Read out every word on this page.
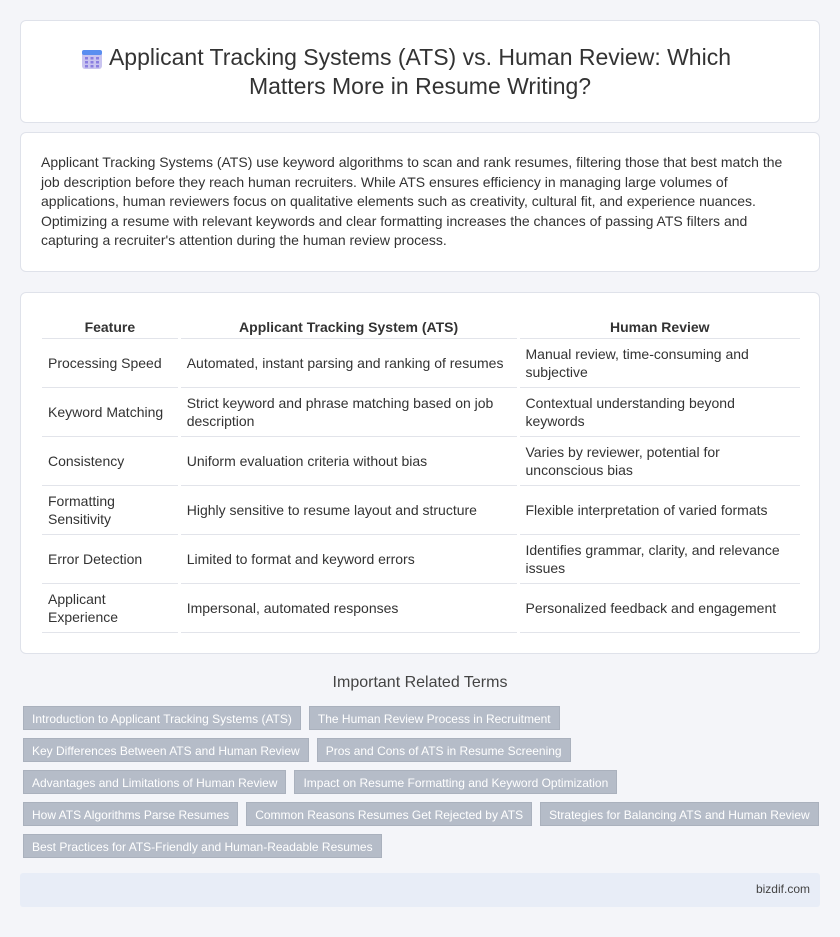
Applicant Tracking Systems (ATS) vs. Human Review: Which Matters More in Resume Writing?

Applicant Tracking Systems (ATS) use keyword algorithms to scan and rank resumes, filtering those that best match the job description before they reach human recruiters. While ATS ensures efficiency in managing large volumes of applications, human reviewers focus on qualitative elements such as creativity, cultural fit, and experience nuances. Optimizing a resume with relevant keywords and clear formatting increases the chances of passing ATS filters and capturing a recruiter's attention during the human review process.

Feature	Applicant Tracking System (ATS)	Human Review
Processing Speed	Automated, instant parsing and ranking of resumes	Manual review, time-consuming and subjective
Keyword Matching	Strict keyword and phrase matching based on job description	Contextual understanding beyond keywords
Consistency	Uniform evaluation criteria without bias	Varies by reviewer, potential for unconscious bias
Formatting Sensitivity	Highly sensitive to resume layout and structure	Flexible interpretation of varied formats
Error Detection	Limited to format and keyword errors	Identifies grammar, clarity, and relevance issues
Applicant Experience	Impersonal, automated responses	Personalized feedback and engagement
Important Related Terms
Introduction to Applicant Tracking Systems (ATS)	The Human Review Process in Recruitment
Key Differences Between ATS and Human Review	Pros and Cons of ATS in Resume Screening
Advantages and Limitations of Human Review	Impact on Resume Formatting and Keyword Optimization
How ATS Algorithms Parse Resumes	Common Reasons Resumes Get Rejected by ATS	Strategies for Balancing ATS and Human Review
Best Practices for ATS-Friendly and Human-Readable Resumes
bizdif.com
